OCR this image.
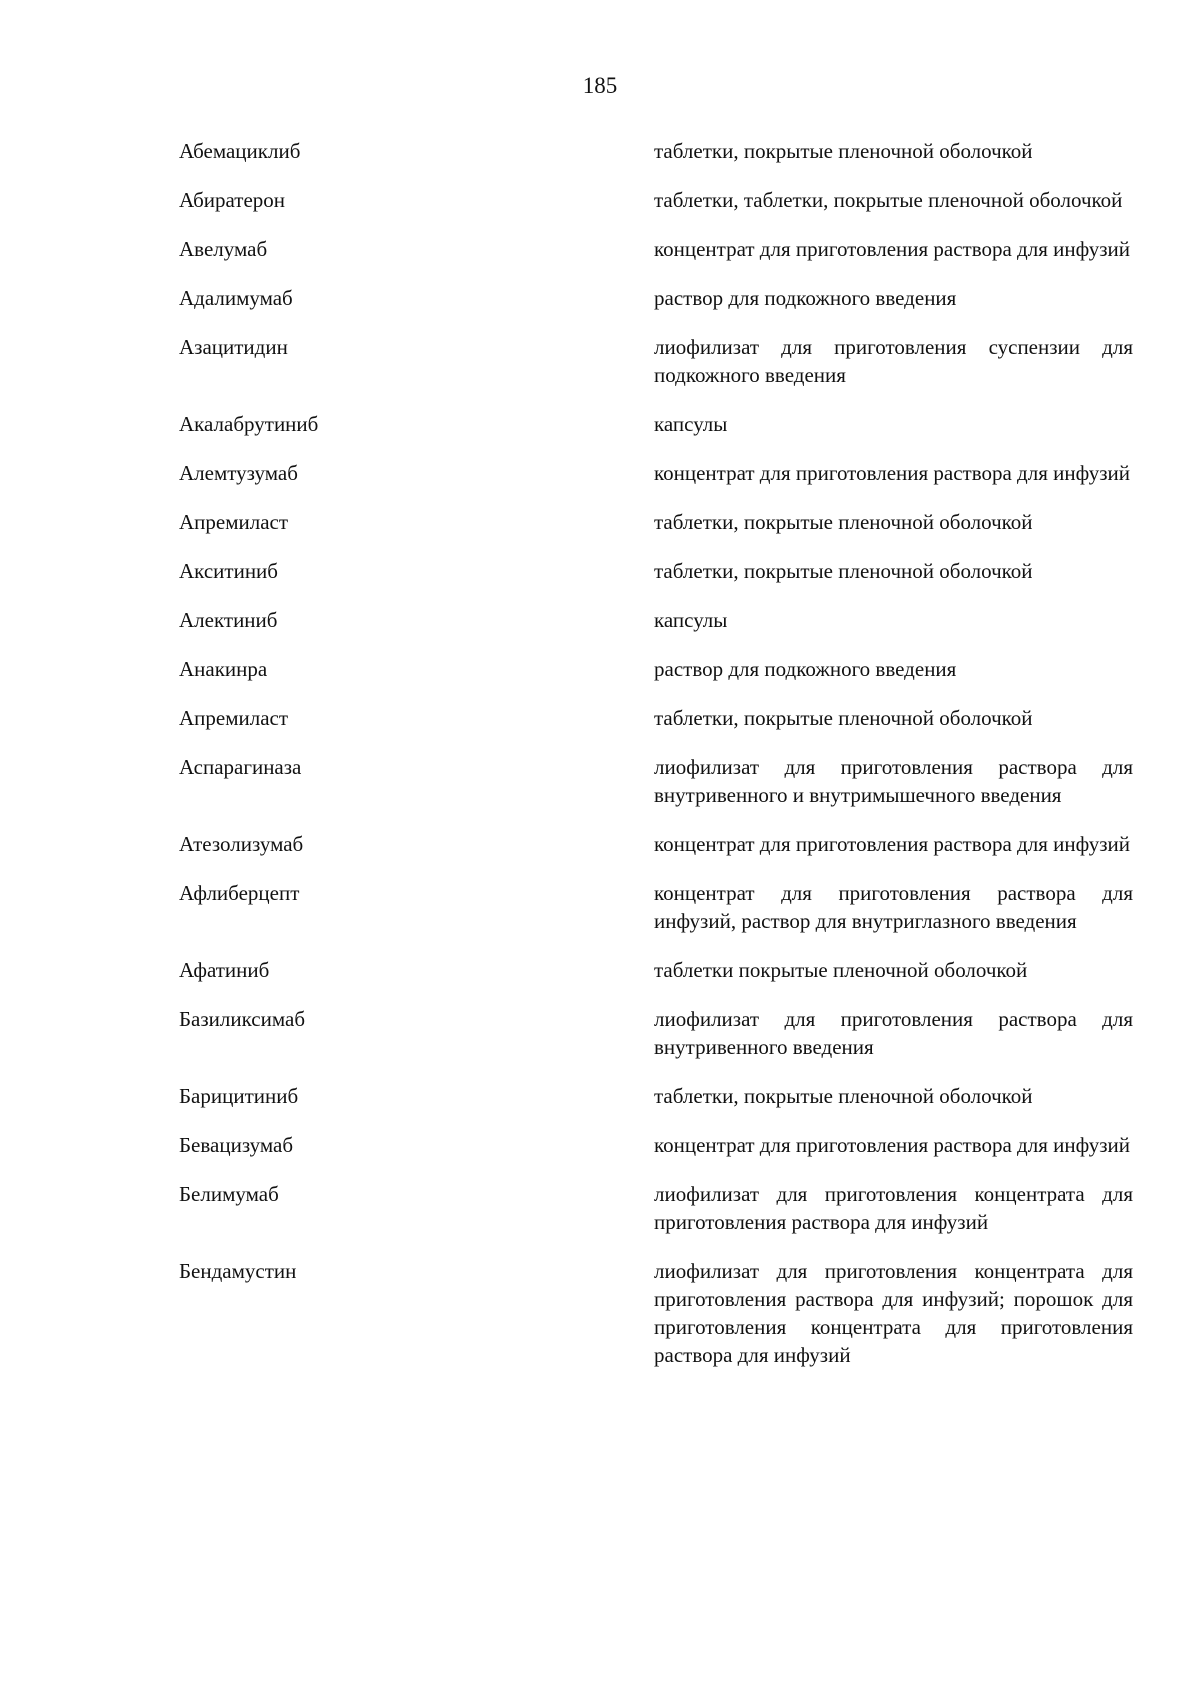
185
Абемациклиб	таблетки, покрытые пленочной оболочкой
Абиратерон	таблетки, таблетки, покрытые пленочной оболочкой
Авелумаб	концентрат для приготовления раствора для инфузий
Адалимумаб	раствор для подкожного введения
Азацитидин	лиофилизат для приготовления суспензии для подкожного введения
Акалабрутиниб	капсулы
Алемтузумаб	концентрат для приготовления раствора для инфузий
Апремиласт	таблетки, покрытые пленочной оболочкой
Акситиниб	таблетки, покрытые пленочной оболочкой
Алектиниб	капсулы
Анакинра	раствор для подкожного введения
Апремиласт	таблетки, покрытые пленочной оболочкой
Аспарагиназа	лиофилизат для приготовления раствора для внутривенного и внутримышечного введения
Атезолизумаб	концентрат для приготовления раствора для инфузий
Афлиберцепт	концентрат для приготовления раствора для инфузий, раствор для внутриглазного введения
Афатиниб	таблетки покрытые пленочной оболочкой
Базиликсимаб	лиофилизат для приготовления раствора для внутривенного введения
Барицитиниб	таблетки, покрытые пленочной оболочкой
Бевацизумаб	концентрат для приготовления раствора для инфузий
Белимумаб	лиофилизат для приготовления концентрата для приготовления раствора для инфузий
Бендамустин	лиофилизат для приготовления концентрата для приготовления раствора для инфузий; порошок для приготовления концентрата для приготовления раствора для инфузий
